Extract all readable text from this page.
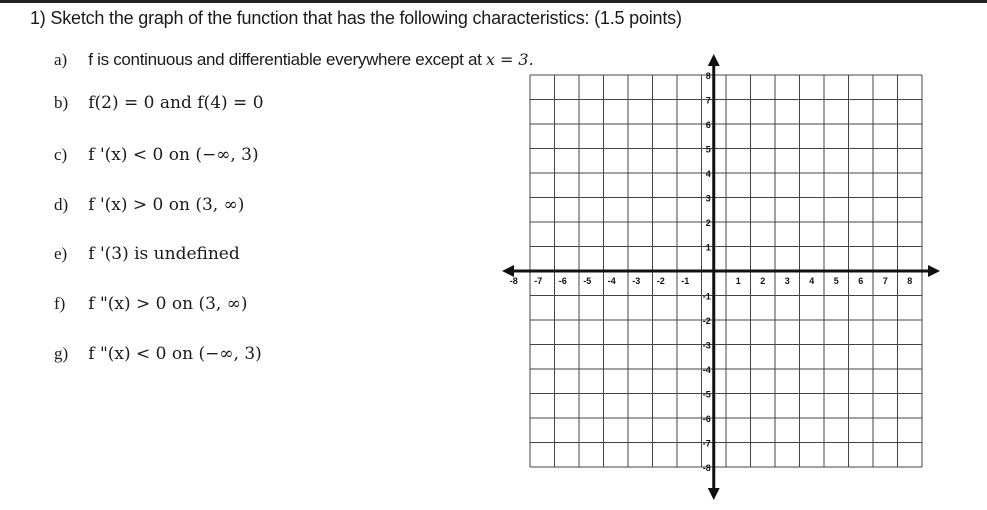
1) Sketch the graph of the function that has the following characteristics: (1.5 points)
a) f is continuous and differentiable everywhere except at x = 3.
b) f(2) = 0 and f(4) = 0
c) f '(x) < 0 on (−∞, 3)
d) f '(x) > 0 on (3, ∞)
e) f '(3) is undefined
f) f "(x) > 0 on (3, ∞)
g) f "(x) < 0 on (−∞, 3)
-8 -7 -6 -5 -4 -3 -2 -1	1 2 3 4 5 6 7 8
8
7
6
5
4
3
2
1
-1
-2
-3
-4
-5
-6
-7
-8
